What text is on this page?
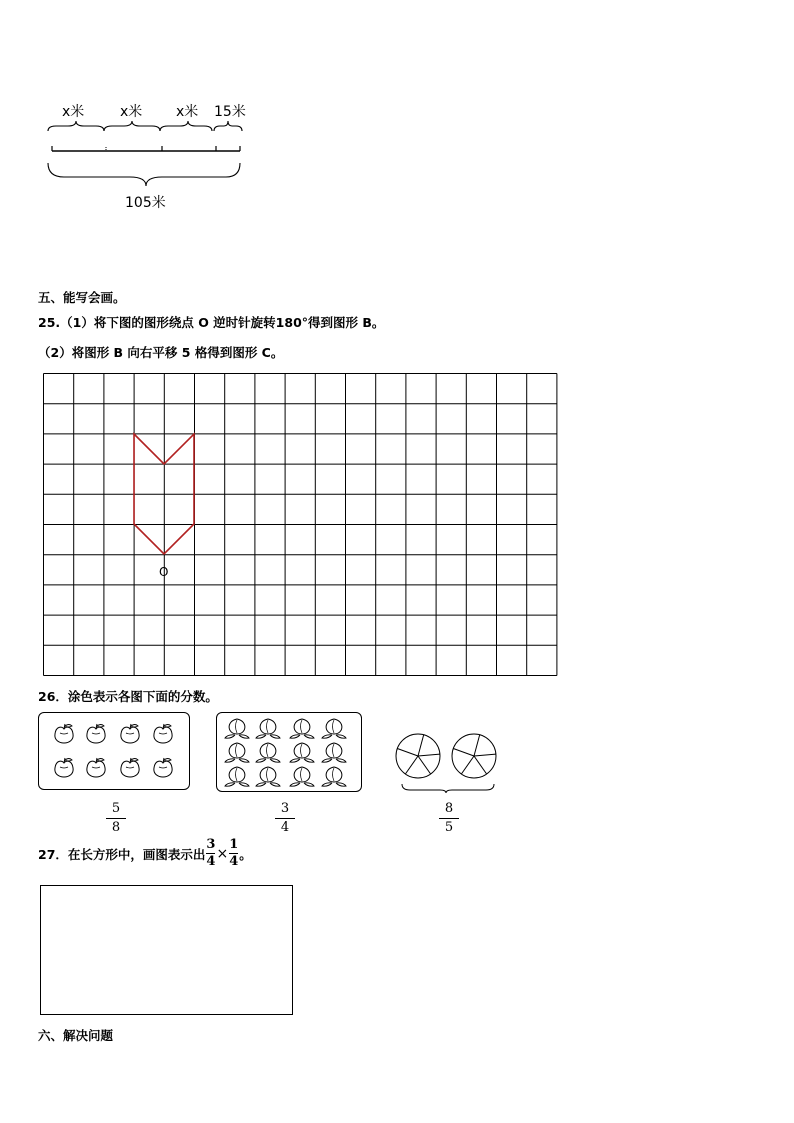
x米	x米 x米 15米
105米
五、能写会画。
25.（1）将下图的图形绕点 O 逆时针旋转180°得到图形 B。
（2）将图形 B 向右平移 5 格得到图形 C。
O
26．涂色表示各图下面的分数。
5
8
3
4
8
5
27．在长方形中，画图表示出 $\frac{3}{4} \times \frac{1}{4}$ 。
六、解决问题
